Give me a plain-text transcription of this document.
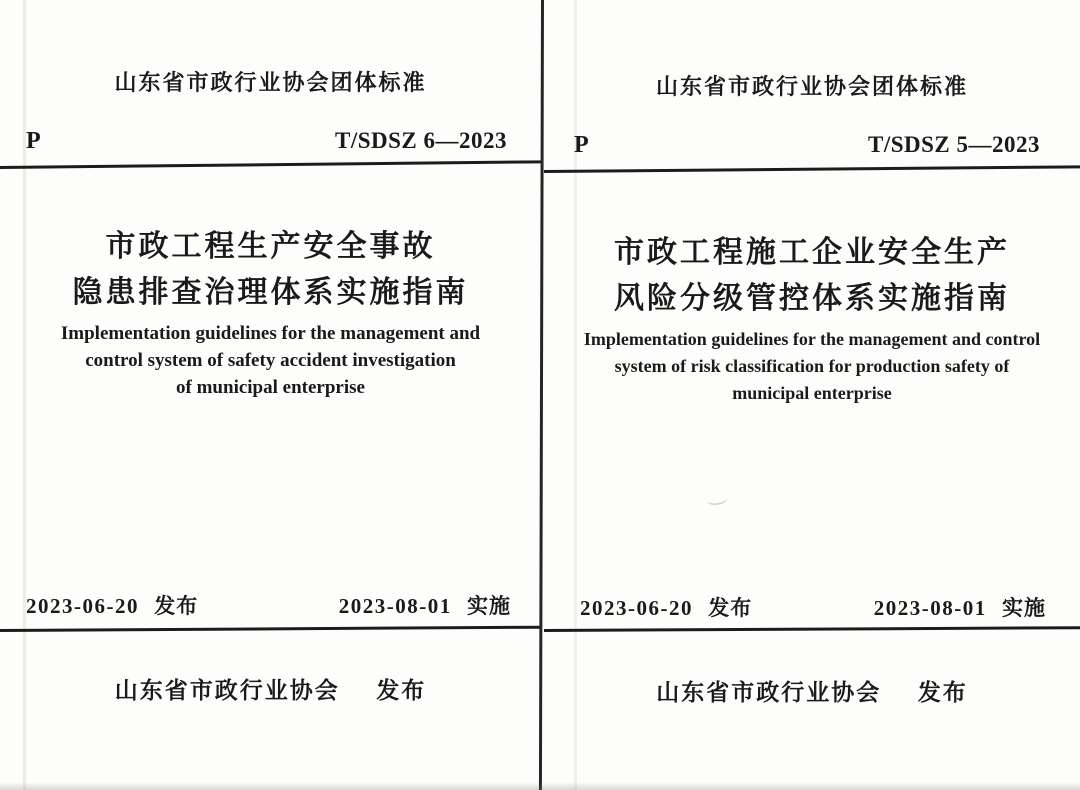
山东省市政行业协会团体标准
P	T/SDSZ 6—2023
市政工程生产安全事故
隐患排查治理体系实施指南
Implementation guidelines for the management and
control system of safety accident investigation
of municipal enterprise
2023-06-20 发布	2023-08-01 实施
山东省市政行业协会 发布
山东省市政行业协会团体标准
P	T/SDSZ 5—2023
市政工程施工企业安全生产
风险分级管控体系实施指南
Implementation guidelines for the management and control
system of risk classification for production safety of
municipal enterprise
2023-06-20 发布	2023-08-01 实施
山东省市政行业协会 发布
